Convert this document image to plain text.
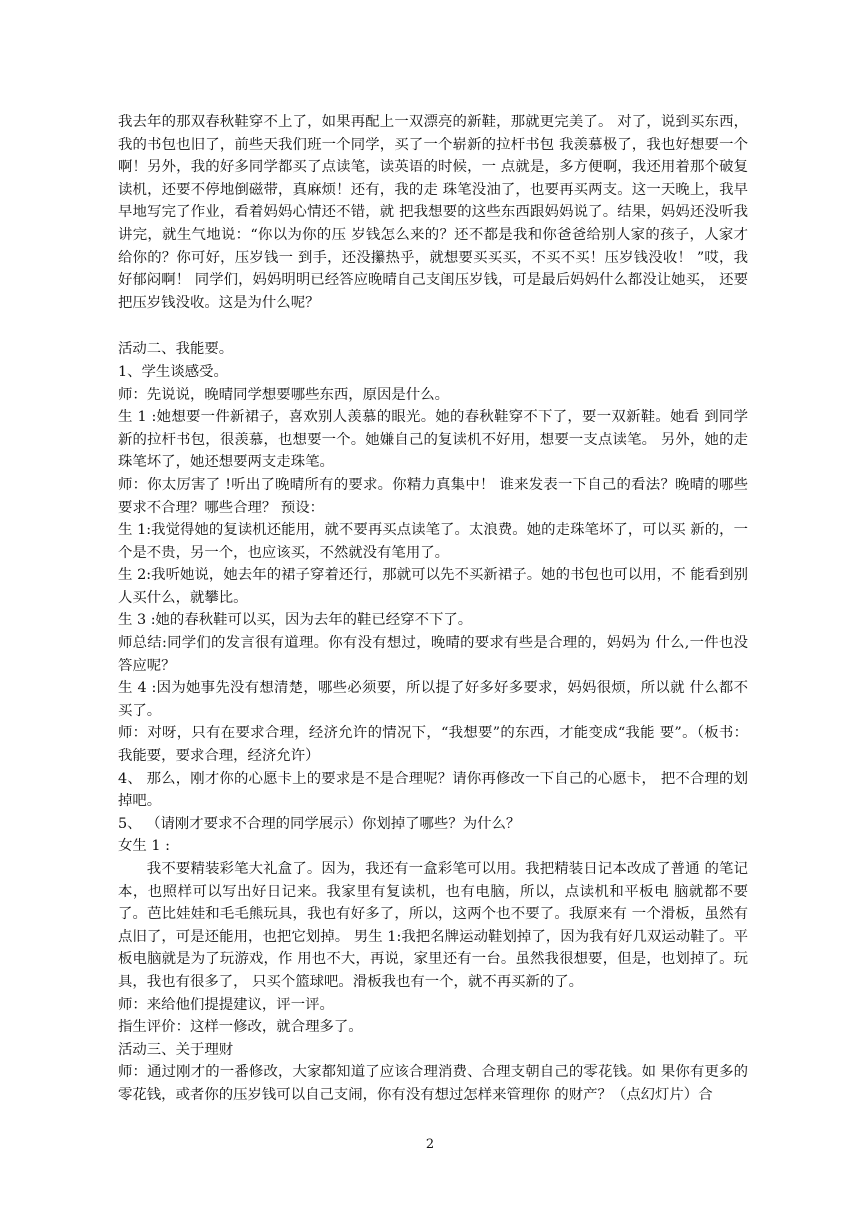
我去年的那双春秋鞋穿不上了，如果再配上一双漂亮的新鞋，那就更完美了。 对了，说到买东西，我的书包也旧了，前些天我们班一个同学，买了一个崭新的拉杆书包 我羡慕极了，我也好想要一个啊！另外，我的好多同学都买了点读笔，读英语的时候，一 点就是，多方便啊，我还用着那个破复读机，还要不停地倒磁带，真麻烦！还有，我的走 珠笔没油了，也要再买两支。这一天晚上，我早早地写完了作业，看着妈妈心情还不错，就 把我想要的这些东西跟妈妈说了。结果，妈妈还没听我讲完，就生气地说：“你以为你的压 岁钱怎么来的？还不都是我和你爸爸给别人家的孩子，人家才给你的？你可好，压岁钱一 到手，还没攥热乎，就想要买买买，不买不买！压岁钱没收！ ”哎，我好郁闷啊！ 同学们，妈妈明明已经答应晚晴自己支闺压岁钱，可是最后妈妈什么都没让她买， 还要把压岁钱没收。这是为什么呢？

活动二、我能要。

1、学生谈感受。

师：先说说，晚晴同学想要哪些东西，原因是什么。

生 1 :她想要一件新裙子，喜欢别人羡慕的眼光。她的春秋鞋穿不下了，要一双新鞋。她看 到同学新的拉杆书包，很羡慕，也想要一个。她嫌自己的复读机不好用，想要一支点读笔。 另外，她的走珠笔坏了，她还想要两支走珠笔。

师：你太厉害了 !听出了晚晴所有的要求。你精力真集中！ 谁来发表一下自己的看法？晚晴的哪些要求不合理？哪些合理？ 预设：

生 1:我觉得她的复读机还能用，就不要再买点读笔了。太浪费。她的走珠笔坏了，可以买 新的，一个是不贵，另一个，也应该买，不然就没有笔用了。

生 2:我听她说，她去年的裙子穿着还行，那就可以先不买新裙子。她的书包也可以用，不 能看到别人买什么，就攀比。

生 3 :她的春秋鞋可以买，因为去年的鞋已经穿不下了。

师总结:同学们的发言很有道理。你有没有想过，晚晴的要求有些是合理的，妈妈为 什么,一件也没答应呢？

生 4 :因为她事先没有想清楚，哪些必须要，所以提了好多好多要求，妈妈很烦，所以就 什么都不买了。

师：对呀，只有在要求合理，经济允许的情况下，“我想要”的东西，才能变成“我能 要”。（板书：我能要，要求合理，经济允许）

4、 那么，刚才你的心愿卡上的要求是不是合理呢？请你再修改一下自己的心愿卡， 把不合理的划掉吧。

5、 （请刚才要求不合理的同学展示）你划掉了哪些？为什么？

女生 1 :

我不要精装彩笔大礼盒了。因为，我还有一盒彩笔可以用。我把精装日记本改成了普通 的笔记本，也照样可以写出好日记来。我家里有复读机，也有电脑，所以，点读机和平板电 脑就都不要了。芭比娃娃和毛毛熊玩具，我也有好多了，所以，这两个也不要了。我原来有 一个滑板，虽然有点旧了，可是还能用，也把它划掉。 男生 1:我把名牌运动鞋划掉了，因为我有好几双运动鞋了。平板电脑就是为了玩游戏，作 用也不大，再说，家里还有一台。虽然我很想要，但是，也划掉了。玩具，我也有很多了， 只买个篮球吧。滑板我也有一个，就不再买新的了。

师：来给他们提提建议，评一评。

指生评价：这样一修改，就合理多了。

活动三、关于理财

师：通过刚才的一番修改，大家都知道了应该合理消费、合理支朝自己的零花钱。如 果你有更多的零花钱，或者你的压岁钱可以自己支闹，你有没有想过怎样来管理你 的财产？（点幻灯片）合

2
